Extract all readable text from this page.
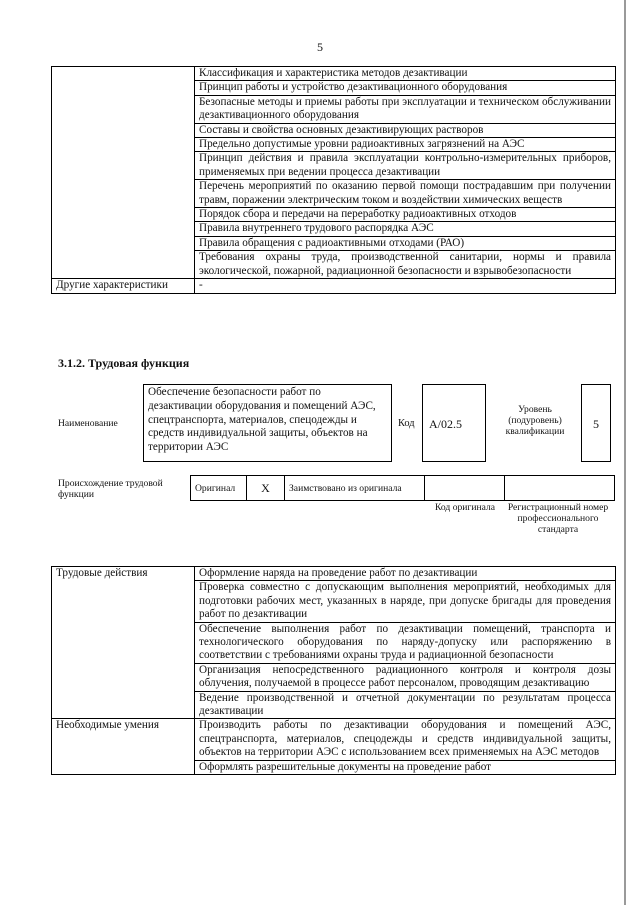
5
	Классификация и характеристика методов дезактивации
	Принцип работы и устройство дезактивационного оборудования
	Безопасные методы и приемы работы при эксплуатации и техническом обслуживании дезактивационного оборудования
	Составы и свойства основных дезактивирующих растворов
	Предельно допустимые уровни радиоактивных загрязнений на АЭС
	Принцип действия и правила эксплуатации контрольно-измерительных приборов, применяемых при ведении процесса дезактивации
	Перечень мероприятий по оказанию первой помощи пострадавшим при получении травм, поражении электрическим током и воздействии химических веществ
	Порядок сбора и передачи на переработку радиоактивных отходов
	Правила внутреннего трудового распорядка АЭС
	Правила обращения с радиоактивными отходами (РАО)
	Требования охраны труда, производственной санитарии, нормы и правила экологической, пожарной, радиационной безопасности и взрывобезопасности
Другие характеристики	-
3.1.2. Трудовая функция
Наименование
Обеспечение безопасности работ по дезактивации оборудования и помещений АЭС, спецтранспорта, материалов, спецодежды и средств индивидуальной защиты, объектов на территории АЭС
Код	А/02.5
Уровень (подуровень) квалификации
5
Происхождение трудовой функции
Оригинал	X	Заимствовано из оригинала		
Код оригинала	Регистрационный номер профессионального стандарта
Трудовые действия	Оформление наряда на проведение работ по дезактивации
	Проверка совместно с допускающим выполнения мероприятий, необходимых для подготовки рабочих мест, указанных в наряде, при допуске бригады для проведения работ по дезактивации
	Обеспечение выполнения работ по дезактивации помещений, транспорта и технологического оборудования по наряду-допуску или распоряжению в соответствии с требованиями охраны труда и радиационной безопасности
	Организация непосредственного радиационного контроля и контроля дозы облучения, получаемой в процессе работ персоналом, проводящим дезактивацию
	Ведение производственной и отчетной документации по результатам процесса дезактивации
Необходимые умения	Производить работы по дезактивации оборудования и помещений АЭС, спецтранспорта, материалов, спецодежды и средств индивидуальной защиты, объектов на территории АЭС с использованием всех применяемых на АЭС методов
	Оформлять разрешительные документы на проведение работ
